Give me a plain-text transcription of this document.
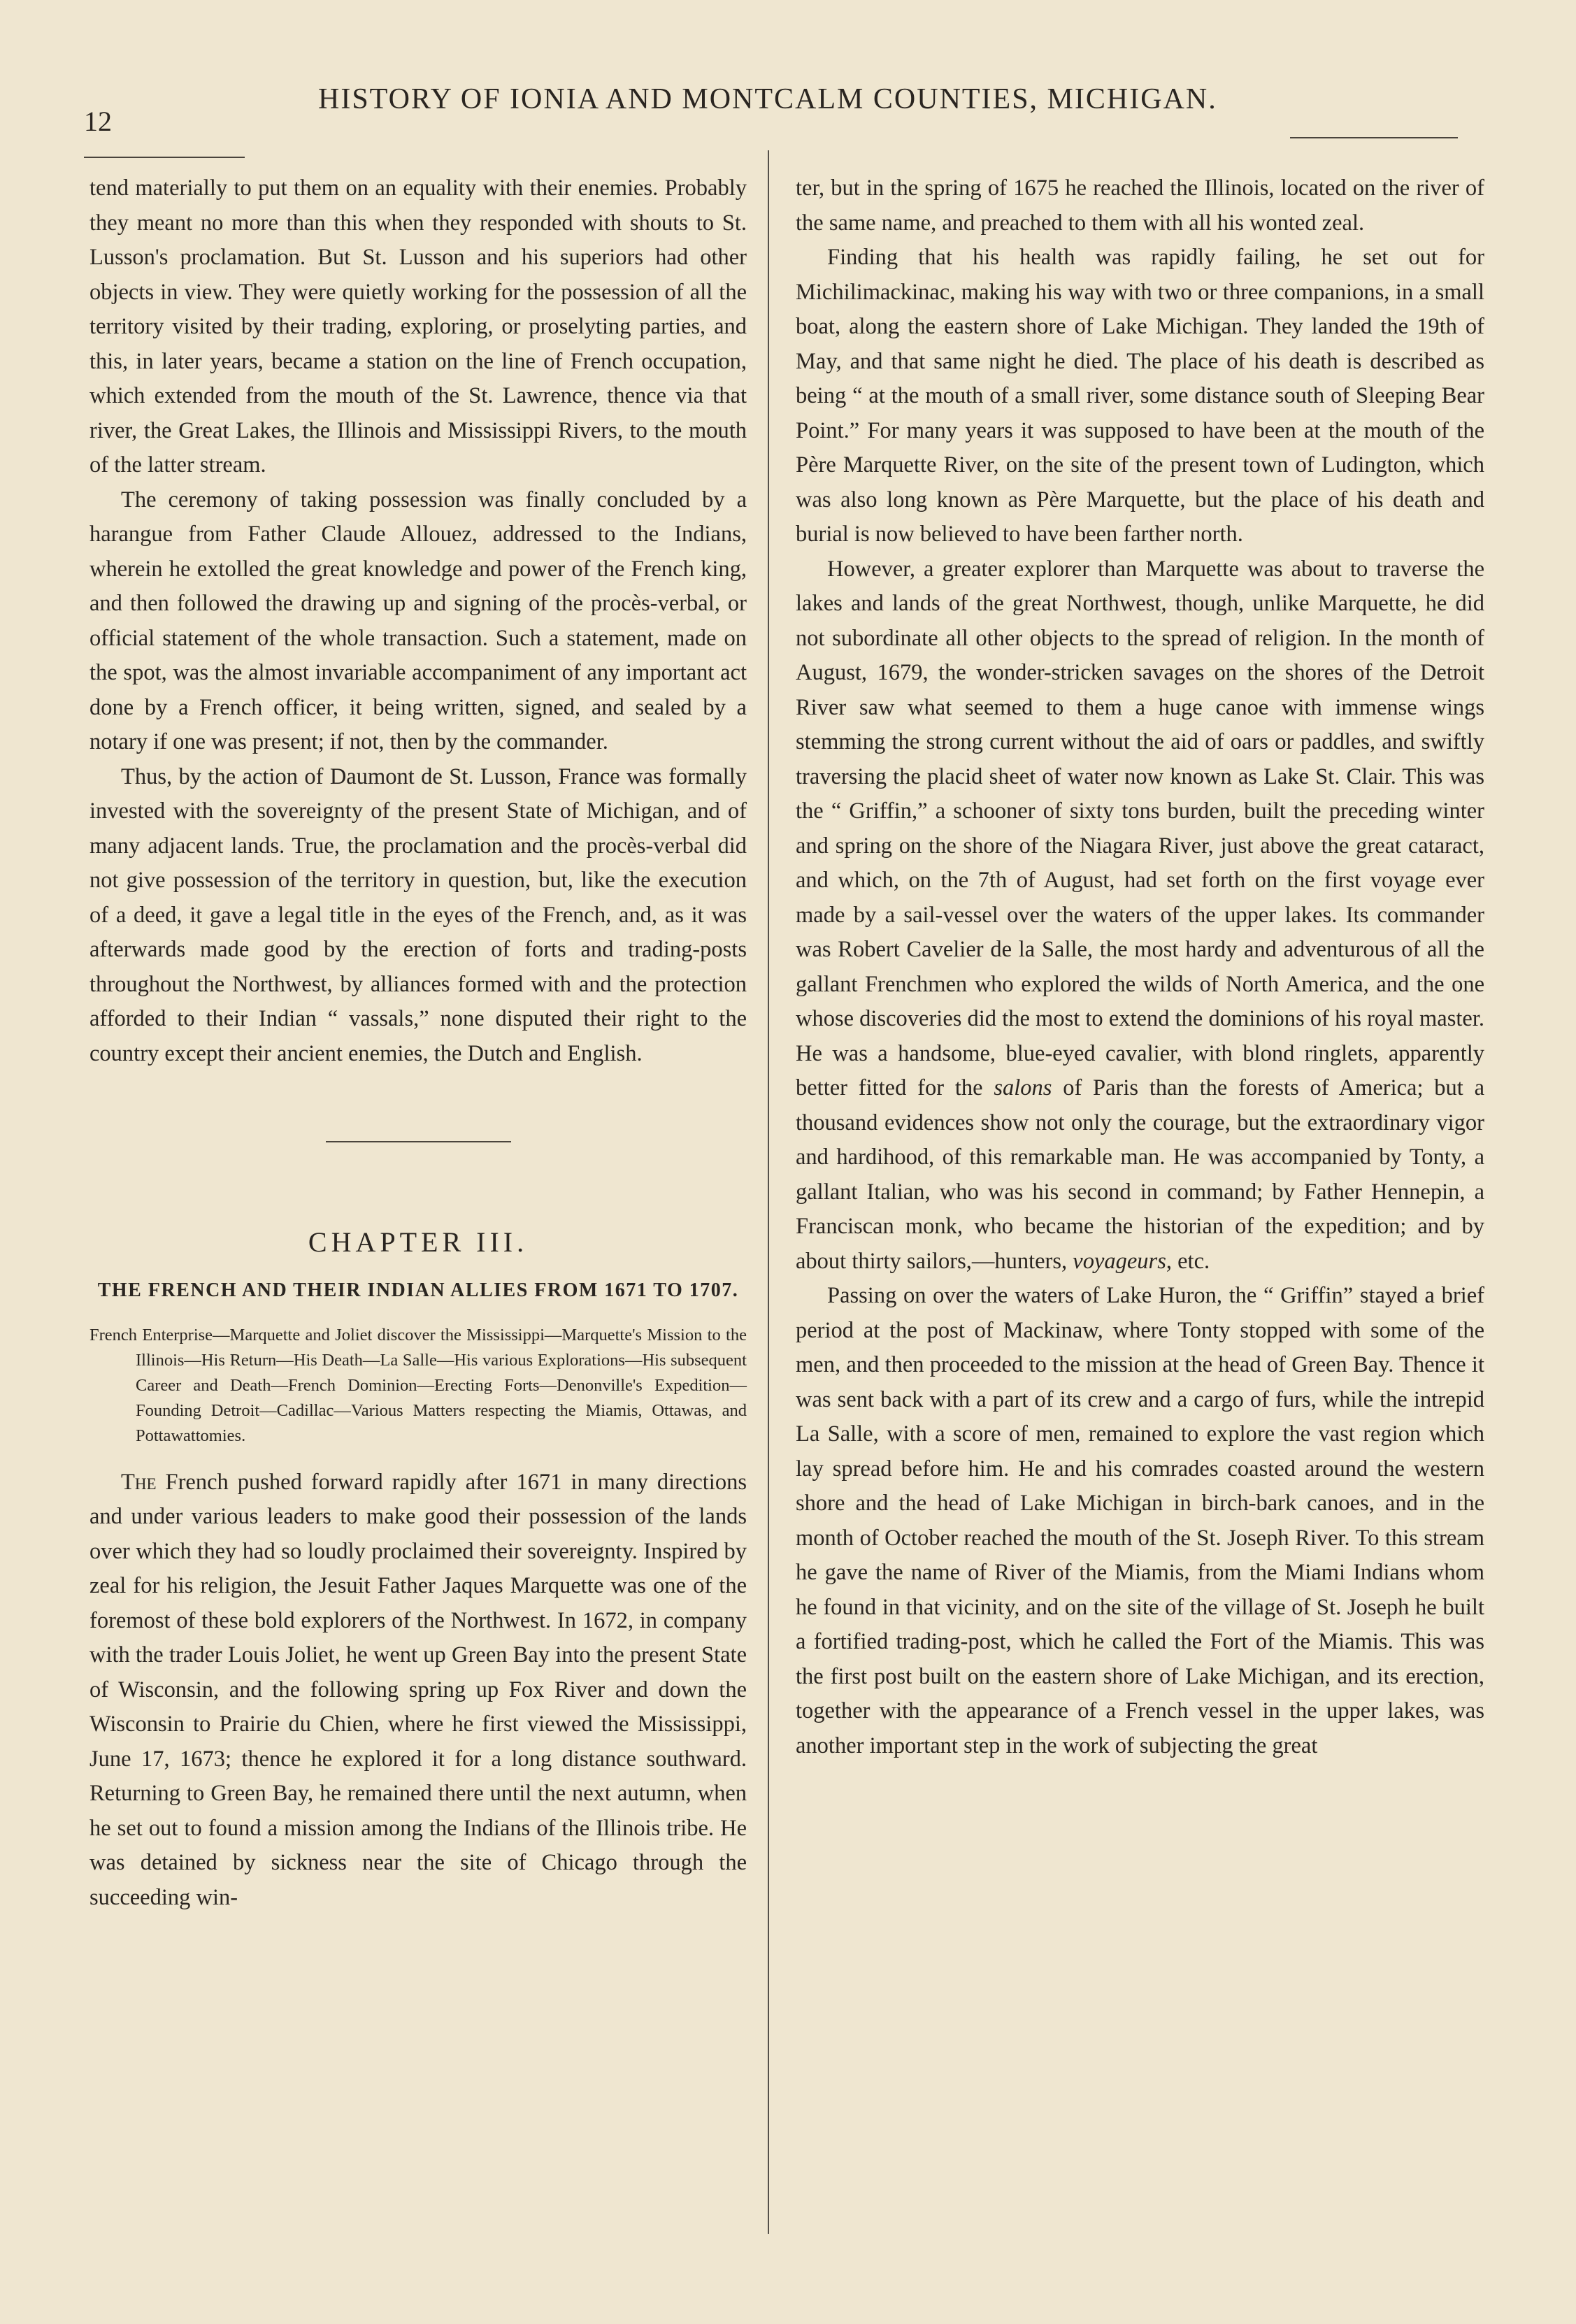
12
HISTORY OF IONIA AND MONTCALM COUNTIES, MICHIGAN.

tend materially to put them on an equality with their enemies. Probably they meant no more than this when they responded with shouts to St. Lusson's proclamation. But St. Lusson and his superiors had other objects in view. They were quietly working for the possession of all the territory visited by their trading, exploring, or proselyting parties, and this, in later years, became a station on the line of French occupation, which extended from the mouth of the St. Lawrence, thence via that river, the Great Lakes, the Illinois and Mississippi Rivers, to the mouth of the latter stream.

The ceremony of taking possession was finally concluded by a harangue from Father Claude Allouez, addressed to the Indians, wherein he extolled the great knowledge and power of the French king, and then followed the drawing up and signing of the procès-verbal, or official statement of the whole transaction. Such a statement, made on the spot, was the almost invariable accompaniment of any important act done by a French officer, it being written, signed, and sealed by a notary if one was present; if not, then by the commander.

Thus, by the action of Daumont de St. Lusson, France was formally invested with the sovereignty of the present State of Michigan, and of many adjacent lands. True, the proclamation and the procès-verbal did not give possession of the territory in question, but, like the execution of a deed, it gave a legal title in the eyes of the French, and, as it was afterwards made good by the erection of forts and trading-posts throughout the Northwest, by alliances formed with and the protection afforded to their Indian “ vassals,” none disputed their right to the country except their ancient enemies, the Dutch and English.

CHAPTER III.
THE FRENCH AND THEIR INDIAN ALLIES FROM 1671 TO 1707.
French Enterprise—Marquette and Joliet discover the Mississippi—Marquette's Mission to the Illinois—His Return—His Death—La Salle—His various Explorations—His subsequent Career and Death—French Dominion—Erecting Forts—Denonville's Expedition—Founding Detroit—Cadillac—Various Matters respecting the Miamis, Ottawas, and Pottawattomies.

The French pushed forward rapidly after 1671 in many directions and under various leaders to make good their possession of the lands over which they had so loudly proclaimed their sovereignty. Inspired by zeal for his religion, the Jesuit Father Jaques Marquette was one of the foremost of these bold explorers of the Northwest. In 1672, in company with the trader Louis Joliet, he went up Green Bay into the present State of Wisconsin, and the following spring up Fox River and down the Wisconsin to Prairie du Chien, where he first viewed the Mississippi, June 17, 1673; thence he explored it for a long distance southward. Returning to Green Bay, he remained there until the next autumn, when he set out to found a mission among the Indians of the Illinois tribe. He was detained by sickness near the site of Chicago through the succeeding win-

ter, but in the spring of 1675 he reached the Illinois, located on the river of the same name, and preached to them with all his wonted zeal.

Finding that his health was rapidly failing, he set out for Michilimackinac, making his way with two or three companions, in a small boat, along the eastern shore of Lake Michigan. They landed the 19th of May, and that same night he died. The place of his death is described as being “ at the mouth of a small river, some distance south of Sleeping Bear Point.” For many years it was supposed to have been at the mouth of the Père Marquette River, on the site of the present town of Ludington, which was also long known as Père Marquette, but the place of his death and burial is now believed to have been farther north.

However, a greater explorer than Marquette was about to traverse the lakes and lands of the great Northwest, though, unlike Marquette, he did not subordinate all other objects to the spread of religion. In the month of August, 1679, the wonder-stricken savages on the shores of the Detroit River saw what seemed to them a huge canoe with immense wings stemming the strong current without the aid of oars or paddles, and swiftly traversing the placid sheet of water now known as Lake St. Clair. This was the “ Griffin,” a schooner of sixty tons burden, built the preceding winter and spring on the shore of the Niagara River, just above the great cataract, and which, on the 7th of August, had set forth on the first voyage ever made by a sail-vessel over the waters of the upper lakes. Its commander was Robert Cavelier de la Salle, the most hardy and adventurous of all the gallant Frenchmen who explored the wilds of North America, and the one whose discoveries did the most to extend the dominions of his royal master. He was a handsome, blue-eyed cavalier, with blond ringlets, apparently better fitted for the salons of Paris than the forests of America; but a thousand evidences show not only the courage, but the extraordinary vigor and hardihood, of this remarkable man. He was accompanied by Tonty, a gallant Italian, who was his second in command; by Father Hennepin, a Franciscan monk, who became the historian of the expedition; and by about thirty sailors,—hunters, voyageurs, etc.

Passing on over the waters of Lake Huron, the “ Griffin” stayed a brief period at the post of Mackinaw, where Tonty stopped with some of the men, and then proceeded to the mission at the head of Green Bay. Thence it was sent back with a part of its crew and a cargo of furs, while the intrepid La Salle, with a score of men, remained to explore the vast region which lay spread before him. He and his comrades coasted around the western shore and the head of Lake Michigan in birch-bark canoes, and in the month of October reached the mouth of the St. Joseph River. To this stream he gave the name of River of the Miamis, from the Miami Indians whom he found in that vicinity, and on the site of the village of St. Joseph he built a fortified trading-post, which he called the Fort of the Miamis. This was the first post built on the eastern shore of Lake Michigan, and its erection, together with the appearance of a French vessel in the upper lakes, was another important step in the work of subjecting the great
